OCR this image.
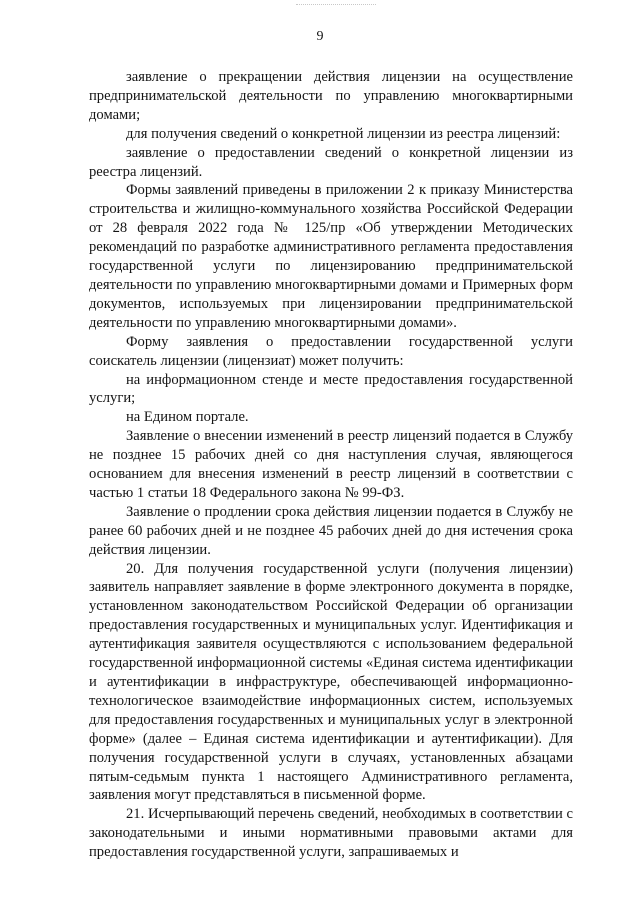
9

заявление о прекращении действия лицензии на осуществление предпринимательской деятельности по управлению многоквартирными домами;

для получения сведений о конкретной лицензии из реестра лицензий:

заявление о предоставлении сведений о конкретной лицензии из реестра лицензий.

Формы заявлений приведены в приложении 2 к приказу Министерства строительства и жилищно-коммунального хозяйства Российской Федерации от 28 февраля 2022 года № 125/пр «Об утверждении Методических рекомендаций по разработке административного регламента предоставления государственной услуги по лицензированию предпринимательской деятельности по управлению многоквартирными домами и Примерных форм документов, используемых при лицензировании предпринимательской деятельности по управлению многоквартирными домами».

Форму заявления о предоставлении государственной услуги соискатель лицензии (лицензиат) может получить:

на информационном стенде и месте предоставления государственной услуги;

на Едином портале.

Заявление о внесении изменений в реестр лицензий подается в Службу не позднее 15 рабочих дней со дня наступления случая, являющегося основанием для внесения изменений в реестр лицензий в соответствии с частью 1 статьи 18 Федерального закона № 99-ФЗ.

Заявление о продлении срока действия лицензии подается в Службу не ранее 60 рабочих дней и не позднее 45 рабочих дней до дня истечения срока действия лицензии.

20. Для получения государственной услуги (получения лицензии) заявитель направляет заявление в форме электронного документа в порядке, установленном законодательством Российской Федерации об организации предоставления государственных и муниципальных услуг. Идентификация и аутентификация заявителя осуществляются с использованием федеральной государственной информационной системы «Единая система идентификации и аутентификации в инфраструктуре, обеспечивающей информационно-технологическое взаимодействие информационных систем, используемых для предоставления государственных и муниципальных услуг в электронной форме» (далее – Единая система идентификации и аутентификации). Для получения государственной услуги в случаях, установленных абзацами пятым-седьмым пункта 1 настоящего Административного регламента, заявления могут представляться в письменной форме.

21. Исчерпывающий перечень сведений, необходимых в соответствии с законодательными и иными нормативными правовыми актами для предоставления государственной услуги, запрашиваемых и
